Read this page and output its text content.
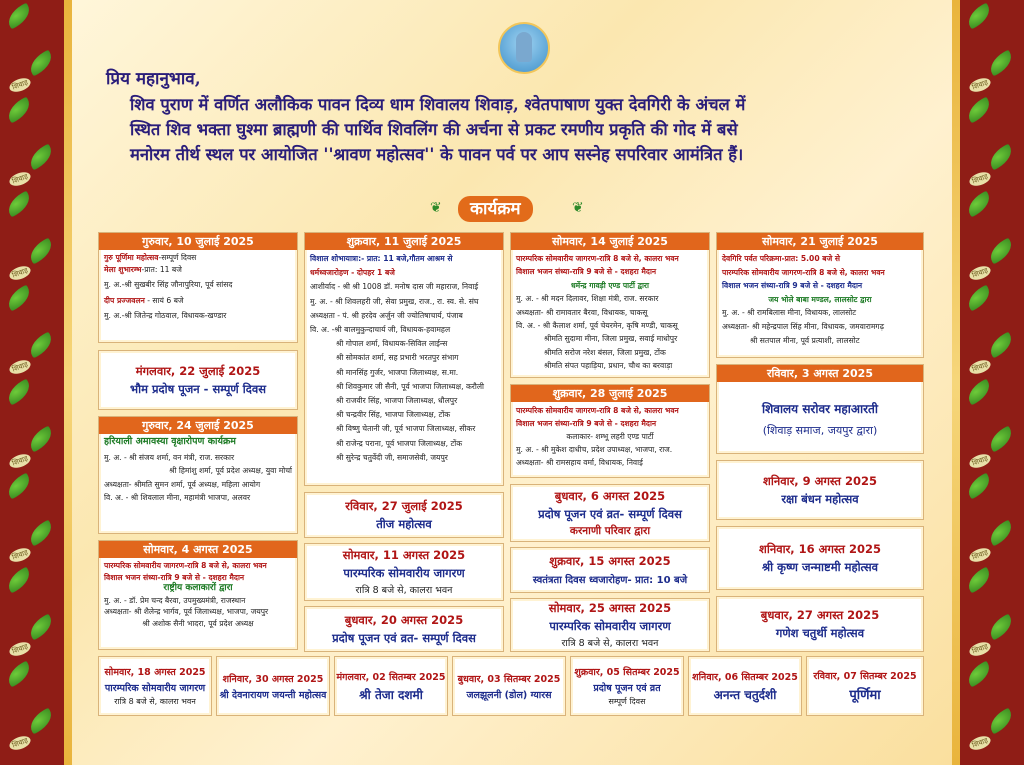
शिवाड़
शिवाड़
शिवाड़
शिवाड़
शिवाड़
शिवाड़
शिवाड़
शिवाड़
शिवाड़
शिवाड़
शिवाड़
शिवाड़
शिवाड़
शिवाड़
शिवाड़
शिवाड़
प्रिय महानुभाव,
शिव पुराण में वर्णित अलौकिक पावन दिव्य धाम शिवालय शिवाड़, श्वेतपाषाण युक्त देवगिरी के अंचल में
स्थित शिव भक्ता घुश्मा ब्राह्मणी की पार्थिव शिवलिंग की अर्चना से प्रकट रमणीय प्रकृति की गोद में बसे
मनोरम तीर्थ स्थल पर आयोजित ''श्रावण महोत्सव'' के पावन पर्व पर आप सस्नेह सपरिवार आमंत्रित हैं।
❦	कार्यक्रम	❦
गुरुवार, 10 जुलाई 2025
गुरु पूर्णिमा महोत्सव-सम्पूर्ण दिवस
मेला शुभारम्भ-प्रात: 11 बजे
मु. अ.-श्री सुखबीर सिंह जौनापुरिया, पूर्व सांसद
दीप प्रज्जवलन - सायं 6 बजे
मु. अ.-श्री जितेन्द्र गोठवाल, विधायक-खण्डार
मंगलवार, 22 जुलाई 2025
भौम प्रदोष पूजन - सम्पूर्ण दिवस
गुरुवार, 24 जुलाई 2025
हरियाली अमावस्या वृक्षारोपण कार्यक्रम
मु. अ. - श्री संजय शर्मा, वन मंत्री, राज. सरकार
श्री हिमांशु शर्मा, पूर्व प्रदेश अध्यक्ष, युवा मोर्चा
अध्यक्षता- श्रीमति सुमन शर्मा, पूर्व अध्यक्ष, महिला आयोग
वि. अ. - श्री शिवलाल मीना, महामंत्री भाजपा, अलवर
सोमवार, 4 अगस्त 2025
पारम्परिक सोमवारीय जागरण-रात्रि 8 बजे से, कालरा भवन
विशाल भजन संध्या-रात्रि 9 बजे से - दशहरा मैदान
राष्ट्रीय कलाकारों द्वारा
मु. अ. - डॉ. प्रेम चन्द बैरवा, उपमुख्यमंत्री, राजस्थान
अध्यक्षता- श्री शैलेन्द्र भार्गव, पूर्व जिलाध्यक्ष, भाजपा, जयपुर
श्री अशोक सैनी भादरा, पूर्व प्रदेश अध्यक्ष
शुक्रवार, 11 जुलाई 2025
विशाल शोभायात्रा:- प्रात: 11 बजे,गौतम आश्रम से
धर्मध्वजारोहण - दोपहर 1 बजे
आशीर्वाद - श्री श्री 1008 डॉ. मनोष दास जी महाराज, निवाई
मु. अ. - श्री शिवलहरी जी, सेवा प्रमुख, राज., रा. स्व. से. संघ
अध्यक्षता - पं. श्री हरदेव अर्जुन जी ज्योतिषाचार्य, पंजाब
वि. अ. -श्री बालमुकुन्दाचार्य जी, विधायक-हवामहल
श्री गोपाल शर्मा, विधायक-सिविल लाईन्स
श्री सोमकांत शर्मा, सह प्रभारी भरतपुर संभाग
श्री मानसिंह गुर्जर, भाजपा जिलाध्यक्ष, स.मा.
श्री शिवकुमार जी सैनी, पूर्व भाजपा जिलाध्यक्ष, करौली
श्री राजवीर सिंह, भाजपा जिलाध्यक्ष, धौलपुर
श्री चन्द्रवीर सिंह, भाजपा जिलाध्यक्ष, टोंक
श्री विष्णु चेतानी जी, पूर्व भाजपा जिलाध्यक्ष, सीकर
श्री राजेन्द्र पराना, पूर्व भाजपा जिलाध्यक्ष, टोंक
श्री सुरेन्द्र चतुर्वेदी जी, समाजसेवी, जयपुर
रविवार, 27 जुलाई 2025
तीज महोत्सव
सोमवार, 11 अगस्त 2025
पारम्परिक सोमवारीय जागरण
रात्रि 8 बजे से, कालरा भवन
बुधवार, 20 अगस्त 2025
प्रदोष पूजन एवं व्रत- सम्पूर्ण दिवस
सोमवार, 14 जुलाई 2025
पारम्परिक सोमवारीय जागरण-रात्रि 8 बजे से, कालरा भवन
विशाल भजन संध्या-रात्रि 9 बजे से - दशहरा मैदान
धर्मेन्द्र गावड़ी एण्ड पार्टी द्वारा
मु. अ. - श्री मदन दिलावर, शिक्षा मंत्री, राज. सरकार
अध्यक्षता- श्री रामावतार बैरवा, विधायक, चाकसू
वि. अ. - श्री कैलाश शर्मा, पूर्व चेयरमेन, कृषि मण्डी, चाकसू
श्रीमति सुदामा मीना, जिला प्रमुख, सवाई माधोपुर
श्रीमति सरोज नरेश बंसल, जिला प्रमुख, टोंक
श्रीमति संपत पहाड़िया, प्रधान, चौथ का बरवाड़ा
शुक्रवार, 28 जुलाई 2025
पारम्परिक सोमवारीय जागरण-रात्रि 8 बजे से, कालरा भवन
विशाल भजन संध्या-रात्रि 9 बजे से - दशहरा मैदान
कलाकार- शम्भू लहरी एण्ड पार्टी
मु. अ. - श्री मुकेश दाधीच, प्रदेश उपाध्यक्ष, भाजपा, राज.
अध्यक्षता- श्री रामसहाय वर्मा, विधायक, निवाई
बुधवार, 6 अगस्त 2025
प्रदोष पूजन एवं व्रत- सम्पूर्ण दिवस
करनाणी परिवार द्वारा
शुक्रवार, 15 अगस्त 2025
स्वतंत्रता दिवस ध्वजारोहण- प्रात: 10 बजे
सोमवार, 25 अगस्त 2025
पारम्परिक सोमवारीय जागरण
रात्रि 8 बजे से, कालरा भवन
सोमवार, 21 जुलाई 2025
देवगिरि पर्वत परिक्रमा-प्रात: 5.00 बजे से
पारम्परिक सोमवारीय जागरण-रात्रि 8 बजे से, कालरा भवन
विशाल भजन संध्या-रात्रि 9 बजे से - दशहरा मैदान
जय भोले बाबा मण्डल, लालसोट द्वारा
मु. अ. - श्री रामबिलास मीना, विधायक, लालसोट
अध्यक्षता- श्री महेन्द्रपाल सिंह मीना, विधायक, जमवारामगढ़
श्री सतपाल मीना, पूर्व प्रत्याशी, लालसोट
रविवार, 3 अगस्त 2025
शिवालय सरोवर महाआरती
(शिवाड़ समाज, जयपुर द्वारा)
शनिवार, 9 अगस्त 2025
रक्षा बंधन महोत्सव
शनिवार, 16 अगस्त 2025
श्री कृष्ण जन्माष्टमी महोत्सव
बुधवार, 27 अगस्त 2025
गणेश चतुर्थी महोत्सव
सोमवार, 18 अगस्त 2025
पारम्परिक सोमवारीय जागरण
रात्रि 8 बजे से, कालरा भवन
शनिवार, 30 अगस्त 2025
श्री देवनारायण जयन्ती महोत्सव
मंगलवार, 02 सितम्बर 2025
श्री तेजा दशमी
बुधवार, 03 सितम्बर 2025
जलझूलनी (डोल) ग्यारस
शुक्रवार, 05 सितम्बर 2025
प्रदोष पूजन एवं व्रत
सम्पूर्ण दिवस
शनिवार, 06 सितम्बर 2025
अनन्त चतुर्दशी
रविवार, 07 सितम्बर 2025
पूर्णिमा
